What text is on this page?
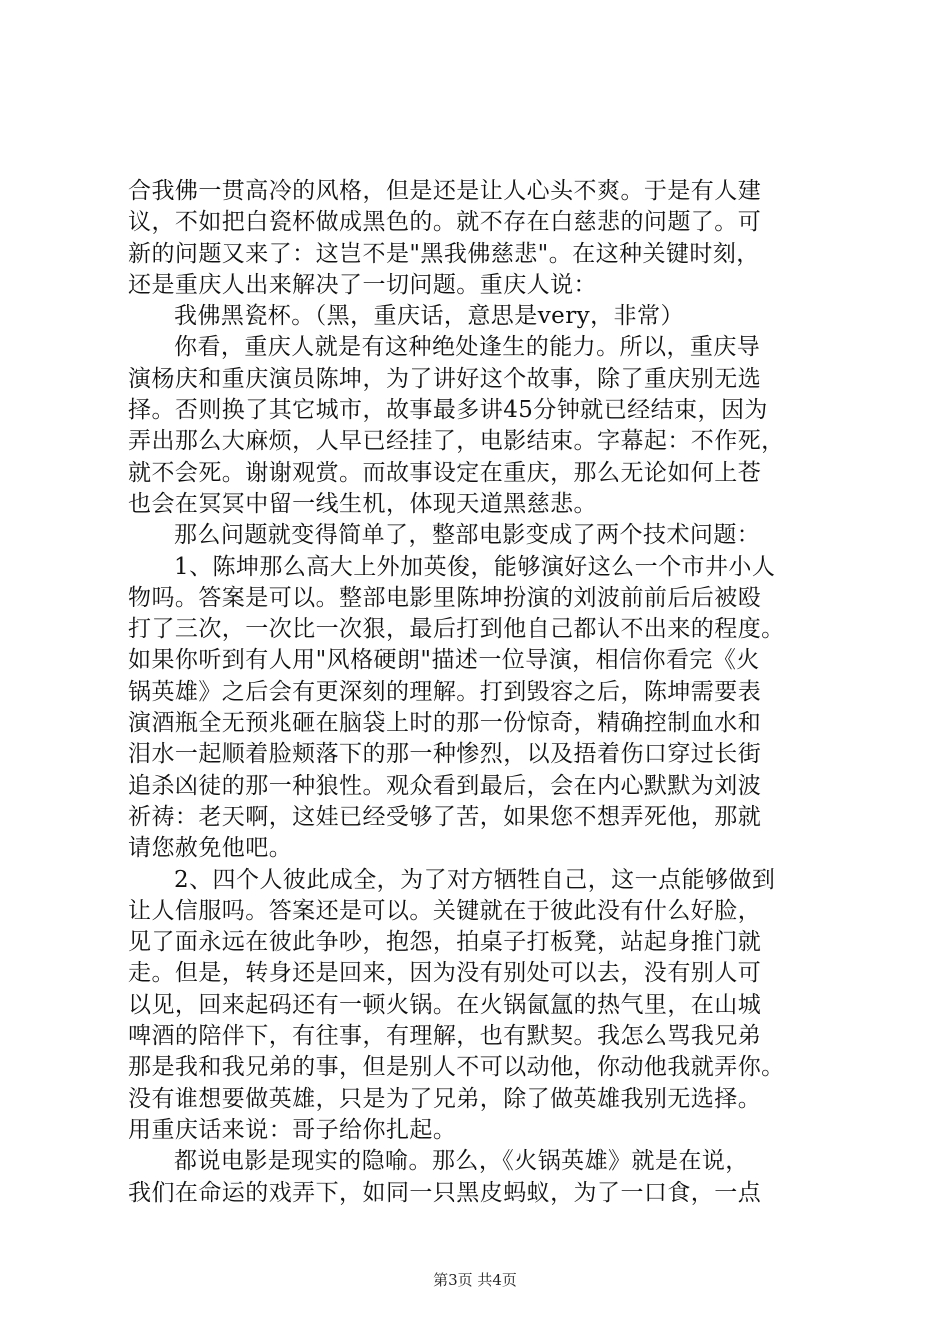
合我佛一贯高冷的风格，但是还是让人心头不爽。于是有人建
议，不如把白瓷杯做成黑色的。就不存在白慈悲的问题了。可
新的问题又来了：这岂不是"黑我佛慈悲"。在这种关键时刻，
还是重庆人出来解决了一切问题。重庆人说：
我佛黑瓷杯。（黑，重庆话，意思是very，非常）
你看，重庆人就是有这种绝处逢生的能力。所以，重庆导
演杨庆和重庆演员陈坤，为了讲好这个故事，除了重庆别无选
择。否则换了其它城市，故事最多讲45分钟就已经结束，因为
弄出那么大麻烦，人早已经挂了，电影结束。字幕起：不作死，
就不会死。谢谢观赏。而故事设定在重庆，那么无论如何上苍
也会在冥冥中留一线生机，体现天道黑慈悲。
那么问题就变得简单了，整部电影变成了两个技术问题：
1、陈坤那么高大上外加英俊，能够演好这么一个市井小人
物吗。答案是可以。整部电影里陈坤扮演的刘波前前后后被殴
打了三次，一次比一次狠，最后打到他自己都认不出来的程度。
如果你听到有人用"风格硬朗"描述一位导演，相信你看完《火
锅英雄》之后会有更深刻的理解。打到毁容之后，陈坤需要表
演酒瓶全无预兆砸在脑袋上时的那一份惊奇，精确控制血水和
泪水一起顺着脸颊落下的那一种惨烈，以及捂着伤口穿过长街
追杀凶徒的那一种狼性。观众看到最后，会在内心默默为刘波
祈祷：老天啊，这娃已经受够了苦，如果您不想弄死他，那就
请您赦免他吧。
2、四个人彼此成全，为了对方牺牲自己，这一点能够做到
让人信服吗。答案还是可以。关键就在于彼此没有什么好脸，
见了面永远在彼此争吵，抱怨，拍桌子打板凳，站起身推门就
走。但是，转身还是回来，因为没有别处可以去，没有别人可
以见，回来起码还有一顿火锅。在火锅氤氲的热气里，在山城
啤酒的陪伴下，有往事，有理解，也有默契。我怎么骂我兄弟
那是我和我兄弟的事，但是别人不可以动他，你动他我就弄你。
没有谁想要做英雄，只是为了兄弟，除了做英雄我别无选择。
用重庆话来说：哥子给你扎起。
都说电影是现实的隐喻。那么，《火锅英雄》就是在说，
我们在命运的戏弄下，如同一只黑皮蚂蚁，为了一口食，一点
第3页 共4页
